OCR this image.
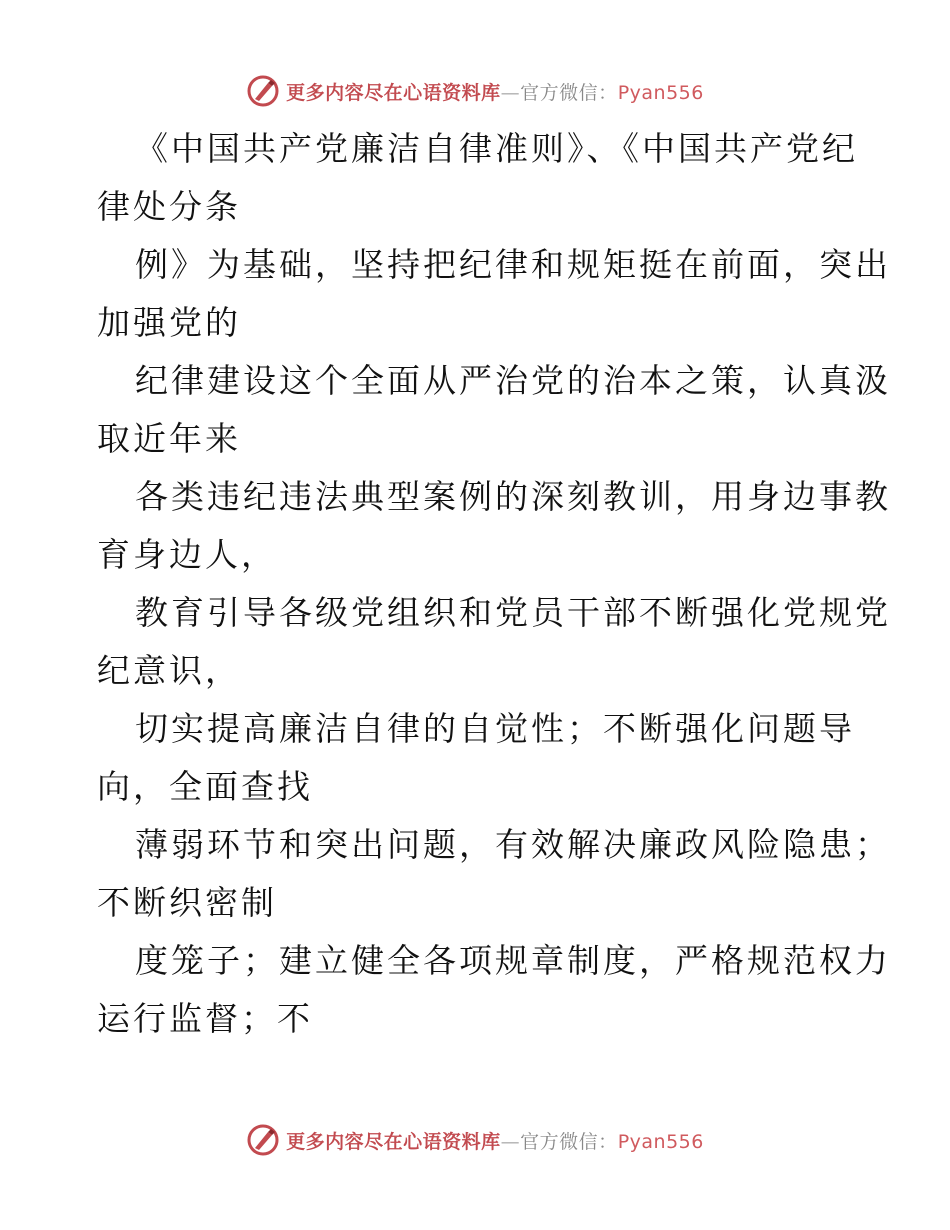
更多内容尽在心语资料库—官方微信：Pyan556
《中国共产党廉洁自律准则》、《中国共产党纪
律处分条
例》为基础，坚持把纪律和规矩挺在前面，突出
加强党的
纪律建设这个全面从严治党的治本之策，认真汲
取近年来
各类违纪违法典型案例的深刻教训，用身边事教
育身边人，
教育引导各级党组织和党员干部不断强化党规党
纪意识，
切实提高廉洁自律的自觉性；不断强化问题导
向，全面查找
薄弱环节和突出问题，有效解决廉政风险隐患；
不断织密制
度笼子；建立健全各项规章制度，严格规范权力
运行监督；不
更多内容尽在心语资料库—官方微信：Pyan556
